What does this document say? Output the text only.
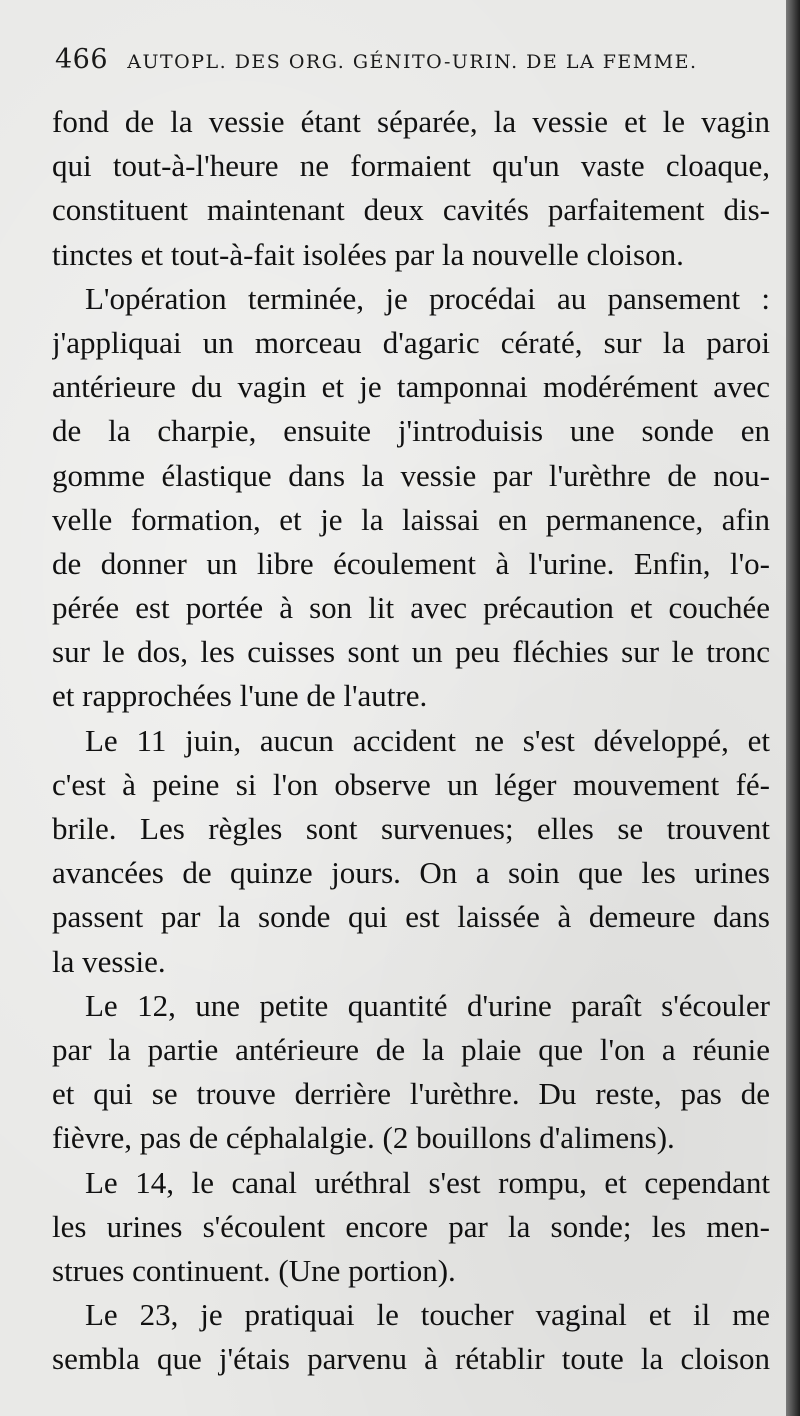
466 AUTOPL. DES ORG. GÉNITO-URIN. DE LA FEMME.
fond de la vessie étant séparée, la vessie et le vagin
qui tout-à-l'heure ne formaient qu'un vaste cloaque,
constituent maintenant deux cavités parfaitement dis-
tinctes et tout-à-fait isolées par la nouvelle cloison.
L'opération terminée, je procédai au pansement :
j'appliquai un morceau d'agaric cératé, sur la paroi
antérieure du vagin et je tamponnai modérément avec
de la charpie, ensuite j'introduisis une sonde en
gomme élastique dans la vessie par l'urèthre de nou-
velle formation, et je la laissai en permanence, afin
de donner un libre écoulement à l'urine. Enfin, l'o-
pérée est portée à son lit avec précaution et couchée
sur le dos, les cuisses sont un peu fléchies sur le tronc
et rapprochées l'une de l'autre.
Le 11 juin, aucun accident ne s'est développé, et
c'est à peine si l'on observe un léger mouvement fé-
brile. Les règles sont survenues; elles se trouvent
avancées de quinze jours. On a soin que les urines
passent par la sonde qui est laissée à demeure dans
la vessie.
Le 12, une petite quantité d'urine paraît s'écouler
par la partie antérieure de la plaie que l'on a réunie
et qui se trouve derrière l'urèthre. Du reste, pas de
fièvre, pas de céphalalgie. (2 bouillons d'alimens).
Le 14, le canal uréthral s'est rompu, et cependant
les urines s'écoulent encore par la sonde; les men-
strues continuent. (Une portion).
Le 23, je pratiquai le toucher vaginal et il me
sembla que j'étais parvenu à rétablir toute la cloison
